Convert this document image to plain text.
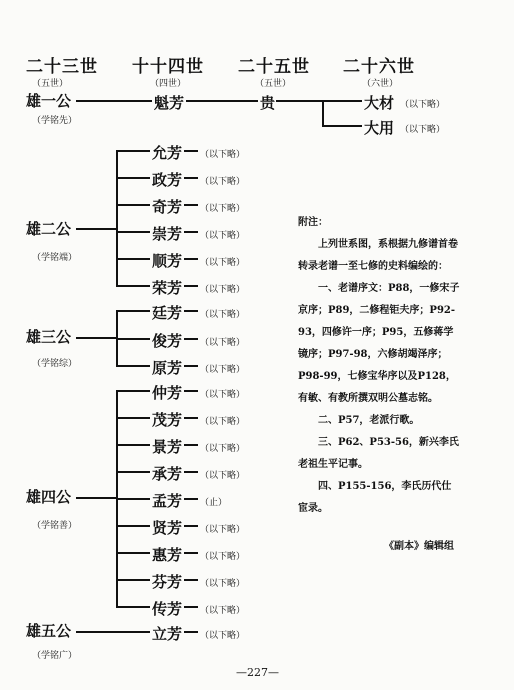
二十三世
（五世）
十十四世
（四世）
二十五世
（五世）
二十六世
（六世）
雄一公
（学铭先）
雄二公
（学铭端）
雄三公
（学铭综）
雄四公
（学铭善）
雄五公
（学铭广）
魁芳	贵	大材 （以下略）
大用 （以下略）
允芳 （以下略）
政芳 （以下略）
奇芳 （以下略）
崇芳 （以下略）
顺芳 （以下略）
荣芳 （以下略）
廷芳 （以下略）
俊芳 （以下略）
原芳 （以下略）
仲芳 （以下略）
茂芳 （以下略）
景芳 （以下略）
承芳 （以下略）
孟芳 （止）
贤芳 （以下略）
惠芳 （以下略）
芬芳 （以下略）
传芳 （以下略）
立芳 （以下略）

附注：

上列世系图，系根据九修谱首卷转录老谱一至七修的史料编绘的：

一、老谱序文：P88，一修宋子京序；P89，二修程钜夫序；P92-93，四修许一序；P95，五修蒋学镜序；P97-98，六修胡竭泽序；P98-99，七修宝华序以及P128，有敏、有教所撰双明公墓志铭。

二、P57，老派行歌。

三、P62、P53-56，新兴李氏老祖生平记事。

四、P155-156，李氏历代仕宦录。

《副本》编辑组

—227—
